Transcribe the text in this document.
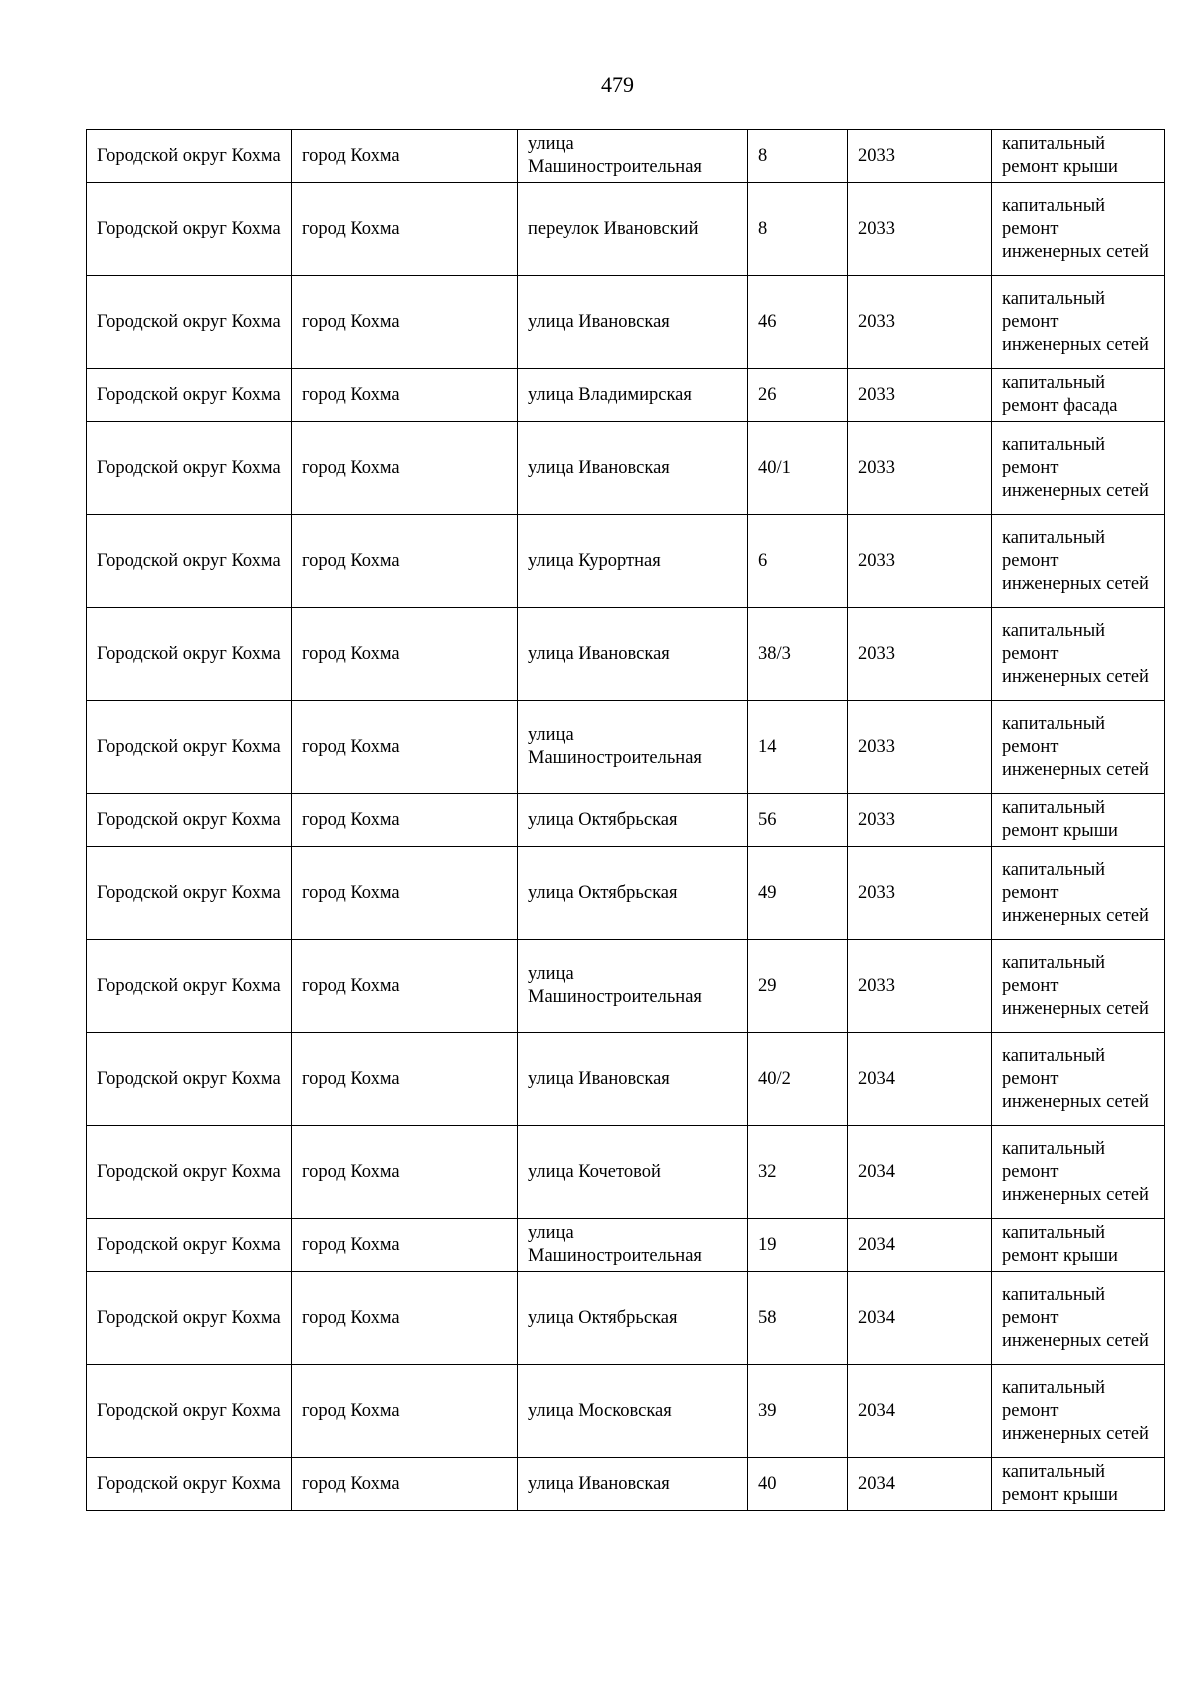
479
Городской округ Кохма	город Кохма	улица Машиностроительная	8	2033	капитальный ремонт крыши
Городской округ Кохма	город Кохма	переулок Ивановский	8	2033	капитальный ремонт инженерных сетей
Городской округ Кохма	город Кохма	улица Ивановская	46	2033	капитальный ремонт инженерных сетей
Городской округ Кохма	город Кохма	улица Владимирская	26	2033	капитальный ремонт фасада
Городской округ Кохма	город Кохма	улица Ивановская	40/1	2033	капитальный ремонт инженерных сетей
Городской округ Кохма	город Кохма	улица Курортная	6	2033	капитальный ремонт инженерных сетей
Городской округ Кохма	город Кохма	улица Ивановская	38/3	2033	капитальный ремонт инженерных сетей
Городской округ Кохма	город Кохма	улица Машиностроительная	14	2033	капитальный ремонт инженерных сетей
Городской округ Кохма	город Кохма	улица Октябрьская	56	2033	капитальный ремонт крыши
Городской округ Кохма	город Кохма	улица Октябрьская	49	2033	капитальный ремонт инженерных сетей
Городской округ Кохма	город Кохма	улица Машиностроительная	29	2033	капитальный ремонт инженерных сетей
Городской округ Кохма	город Кохма	улица Ивановская	40/2	2034	капитальный ремонт инженерных сетей
Городской округ Кохма	город Кохма	улица Кочетовой	32	2034	капитальный ремонт инженерных сетей
Городской округ Кохма	город Кохма	улица Машиностроительная	19	2034	капитальный ремонт крыши
Городской округ Кохма	город Кохма	улица Октябрьская	58	2034	капитальный ремонт инженерных сетей
Городской округ Кохма	город Кохма	улица Московская	39	2034	капитальный ремонт инженерных сетей
Городской округ Кохма	город Кохма	улица Ивановская	40	2034	капитальный ремонт крыши
